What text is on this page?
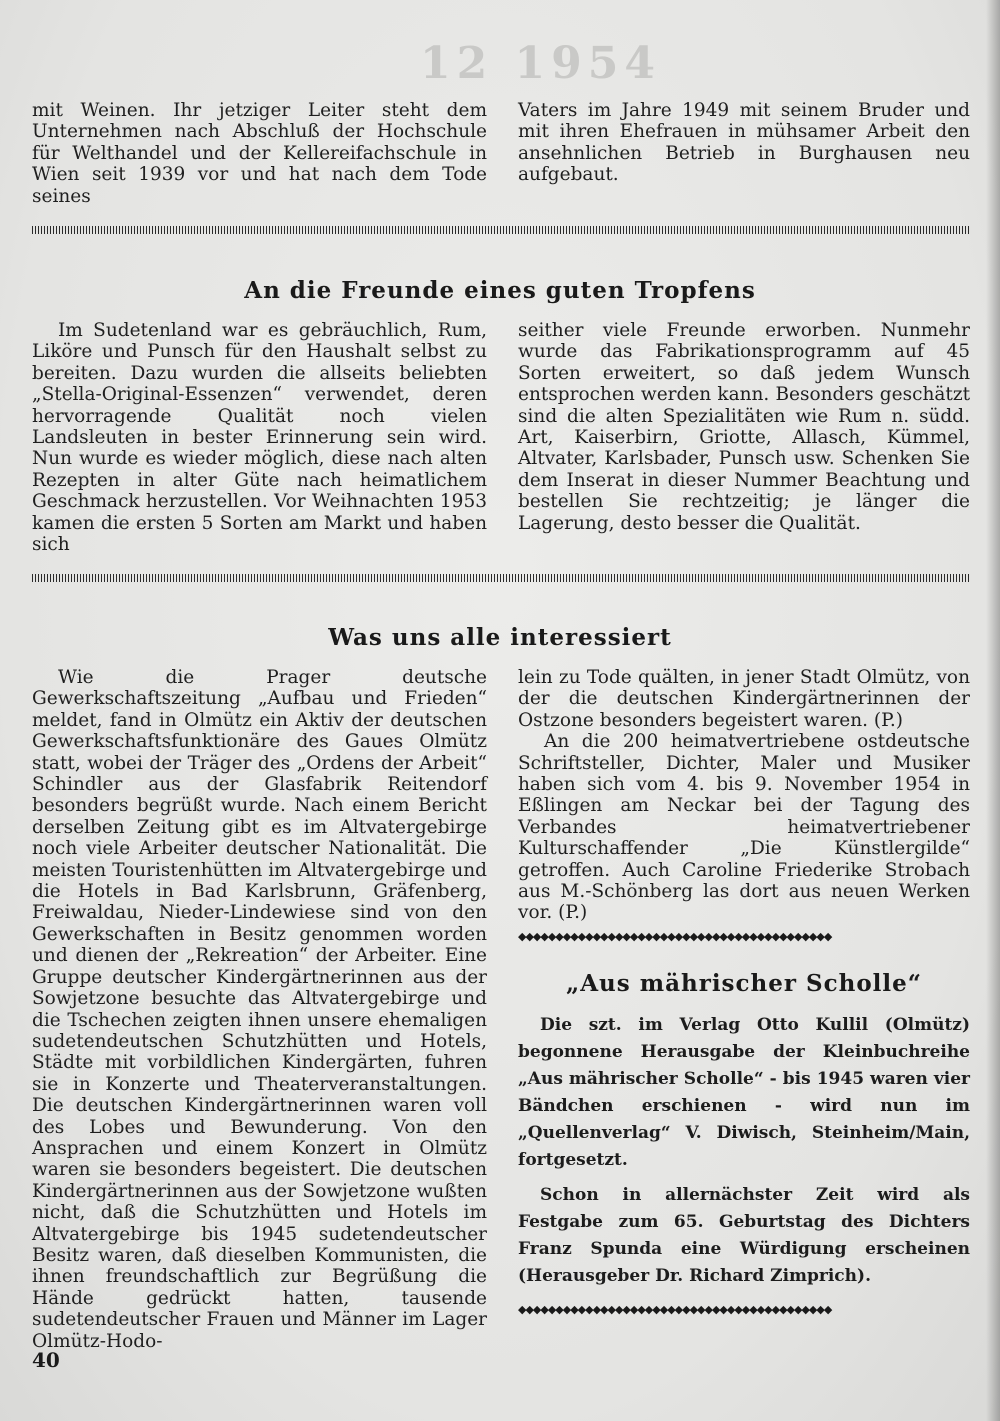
12 1954

mit Weinen. Ihr jetziger Leiter steht dem Unternehmen nach Abschluß der Hochschule für Welthandel und der Kellereifachschule in Wien seit 1939 vor und hat nach dem Tode seines

Vaters im Jahre 1949 mit seinem Bruder und mit ihren Ehefrauen in mühsamer Arbeit den ansehnlichen Betrieb in Burghausen neu aufgebaut.

An die Freunde eines guten Tropfens

Im Sudetenland war es gebräuchlich, Rum, Liköre und Punsch für den Haushalt selbst zu bereiten. Dazu wurden die allseits beliebten „Stella-Original-Essenzen“ verwendet, deren hervorragende Qualität noch vielen Landsleuten in bester Erinnerung sein wird. Nun wurde es wieder möglich, diese nach alten Rezepten in alter Güte nach heimatlichem Geschmack herzustellen. Vor Weihnachten 1953 kamen die ersten 5 Sorten am Markt und haben sich

seither viele Freunde erworben. Nunmehr wurde das Fabrikationsprogramm auf 45 Sorten erweitert, so daß jedem Wunsch entsprochen werden kann. Besonders geschätzt sind die alten Spezialitäten wie Rum n. südd. Art, Kaiserbirn, Griotte, Allasch, Kümmel, Altvater, Karlsbader, Punsch usw. Schenken Sie dem Inserat in dieser Nummer Beachtung und bestellen Sie rechtzeitig; je länger die Lagerung, desto besser die Qualität.

Was uns alle interessiert

Wie die Prager deutsche Gewerkschaftszeitung „Aufbau und Frieden“ meldet, fand in Olmütz ein Aktiv der deutschen Gewerkschaftsfunktionäre des Gaues Olmütz statt, wobei der Träger des „Ordens der Arbeit“ Schindler aus der Glasfabrik Reitendorf besonders begrüßt wurde. Nach einem Bericht derselben Zeitung gibt es im Altvatergebirge noch viele Arbeiter deutscher Nationalität. Die meisten Touristenhütten im Altvatergebirge und die Hotels in Bad Karlsbrunn, Gräfenberg, Freiwaldau, Nieder-Lindewiese sind von den Gewerkschaften in Besitz genommen worden und dienen der „Rekreation“ der Arbeiter. Eine Gruppe deutscher Kindergärtnerinnen aus der Sowjetzone besuchte das Altvatergebirge und die Tschechen zeigten ihnen unsere ehemaligen sudetendeutschen Schutzhütten und Hotels, Städte mit vorbildlichen Kindergärten, fuhren sie in Konzerte und Theaterveranstaltungen. Die deutschen Kindergärtnerinnen waren voll des Lobes und Bewunderung. Von den Ansprachen und einem Konzert in Olmütz waren sie besonders begeistert. Die deutschen Kindergärtnerinnen aus der Sowjetzone wußten nicht, daß die Schutzhütten und Hotels im Altvatergebirge bis 1945 sudetendeutscher Besitz waren, daß dieselben Kommunisten, die ihnen freundschaftlich zur Begrüßung die Hände gedrückt hatten, tausende sudetendeutscher Frauen und Männer im Lager Olmütz-Hodo-

lein zu Tode quälten, in jener Stadt Olmütz, von der die deutschen Kindergärtnerinnen der Ostzone besonders begeistert waren. (P.)

An die 200 heimatvertriebene ostdeutsche Schriftsteller, Dichter, Maler und Musiker haben sich vom 4. bis 9. November 1954 in Eßlingen am Neckar bei der Tagung des Verbandes heimatvertriebener Kulturschaffender „Die Künstlergilde“ getroffen. Auch Caroline Friederike Strobach aus M.-Schönberg las dort aus neuen Werken vor. (P.)

◆◆◆◆◆◆◆◆◆◆◆◆◆◆◆◆◆◆◆◆◆◆◆◆◆◆◆◆◆◆◆◆◆◆◆◆◆◆◆◆◆◆
„Aus mährischer Scholle“

Die szt. im Verlag Otto Kullil (Olmütz) begonnene Herausgabe der Kleinbuchreihe „Aus mährischer Scholle“ - bis 1945 waren vier Bändchen erschienen - wird nun im „Quellenverlag“ V. Diwisch, Steinheim/Main, fortgesetzt.

Schon in allernächster Zeit wird als Festgabe zum 65. Geburtstag des Dichters Franz Spunda eine Würdigung erscheinen (Herausgeber Dr. Richard Zimprich).

◆◆◆◆◆◆◆◆◆◆◆◆◆◆◆◆◆◆◆◆◆◆◆◆◆◆◆◆◆◆◆◆◆◆◆◆◆◆◆◆◆◆
40
